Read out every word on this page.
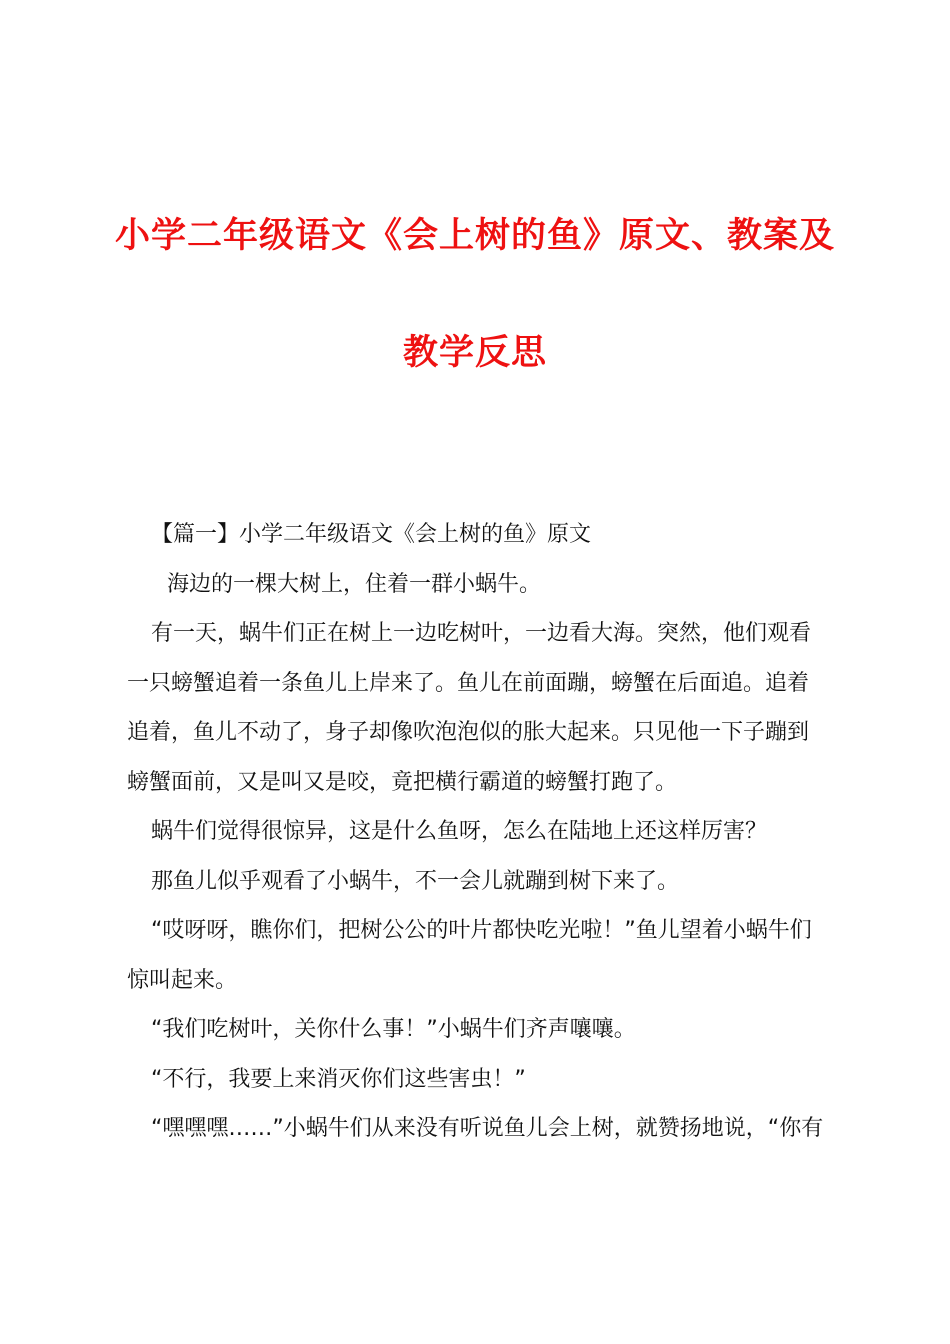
小学二年级语文《会上树的鱼》原文、教案及
教学反思

【篇一】小学二年级语文《会上树的鱼》原文

海边的一棵大树上，住着一群小蜗牛。

有一天，蜗牛们正在树上一边吃树叶，一边看大海。突然，他们观看

一只螃蟹追着一条鱼儿上岸来了。鱼儿在前面蹦，螃蟹在后面追。追着

追着，鱼儿不动了，身子却像吹泡泡似的胀大起来。只见他一下子蹦到

螃蟹面前，又是叫又是咬，竟把横行霸道的螃蟹打跑了。

蜗牛们觉得很惊异，这是什么鱼呀，怎么在陆地上还这样厉害？

那鱼儿似乎观看了小蜗牛，不一会儿就蹦到树下来了。

“哎呀呀，瞧你们，把树公公的叶片都快吃光啦！”鱼儿望着小蜗牛们

惊叫起来。

“我们吃树叶，关你什么事！”小蜗牛们齐声嚷嚷。

“不行，我要上来消灭你们这些害虫！”

“嘿嘿嘿……”小蜗牛们从来没有听说鱼儿会上树，就赞扬地说，“你有
